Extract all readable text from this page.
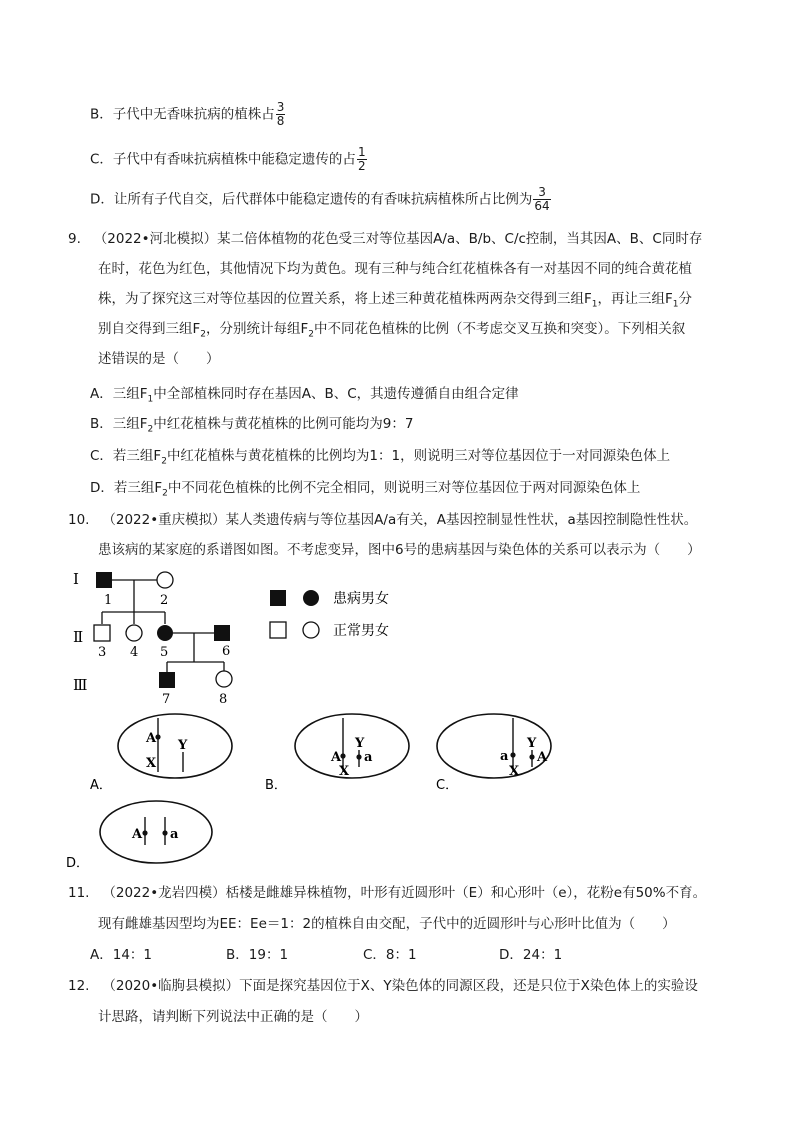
B．子代中无香味抗病的植株占 $\frac{3}{8}$
C．子代中有香味抗病植株中能稳定遗传的占 $\frac{1}{2}$
D．让所有子代自交，后代群体中能稳定遗传的有香味抗病植株所占比例为 $\frac{3}{64}$
9. （2022•河北模拟）某二倍体植物的花色受三对等位基因A/a、B/b、C/c控制，当其因A、B、C同时存
在时，花色为红色，其他情况下均为黄色。现有三种与纯合红花植株各有一对基因不同的纯合黄花植
株，为了探究这三对等位基因的位置关系，将上述三种黄花植株两两杂交得到三组$F_1$，再让三组$F_1$分
别自交得到三组$F_2$，分别统计每组$F_2$中不同花色植株的比例（不考虑交叉互换和突变）。下列相关叙
述错误的是（　　）
A．三组$F_1$中全部植株同时存在基因A、B、C，其遗传遵循自由组合定律
B．三组$F_2$中红花植株与黄花植株的比例可能均为9：7
C．若三组$F_2$中红花植株与黄花植株的比例均为1：1，则说明三对等位基因位于一对同源染色体上
D．若三组$F_2$中不同花色植株的比例不完全相同，则说明三对等位基因位于两对同源染色体上
10. （2022•重庆模拟）某人类遗传病与等位基因A/a有关，A基因控制显性性状，a基因控制隐性性状。
患该病的某家庭的系谱图如图。不考虑变异，图中6号的患病基因与染色体的关系可以表示为（　　）
Ⅰ
Ⅱ
Ⅲ
1	2
3 4 5	6
7	8
患病男女
正常男女
A
X
Y
A．
A
X
Y
a
B．
a
X
Y
A
C．
A a
D．
11. （2022•龙岩四模）栝楼是雌雄异株植物，叶形有近圆形叶（E）和心形叶（e），花粉e有50%不育。
现有雌雄基因型均为EE：Ee＝1：2的植株自由交配，子代中的近圆形叶与心形叶比值为（　　）
A．14：1	B．19：1	C．8：1	D．24：1
12. （2020•临朐县模拟）下面是探究基因位于X、Y染色体的同源区段，还是只位于X染色体上的实验设
计思路，请判断下列说法中正确的是（　　）
